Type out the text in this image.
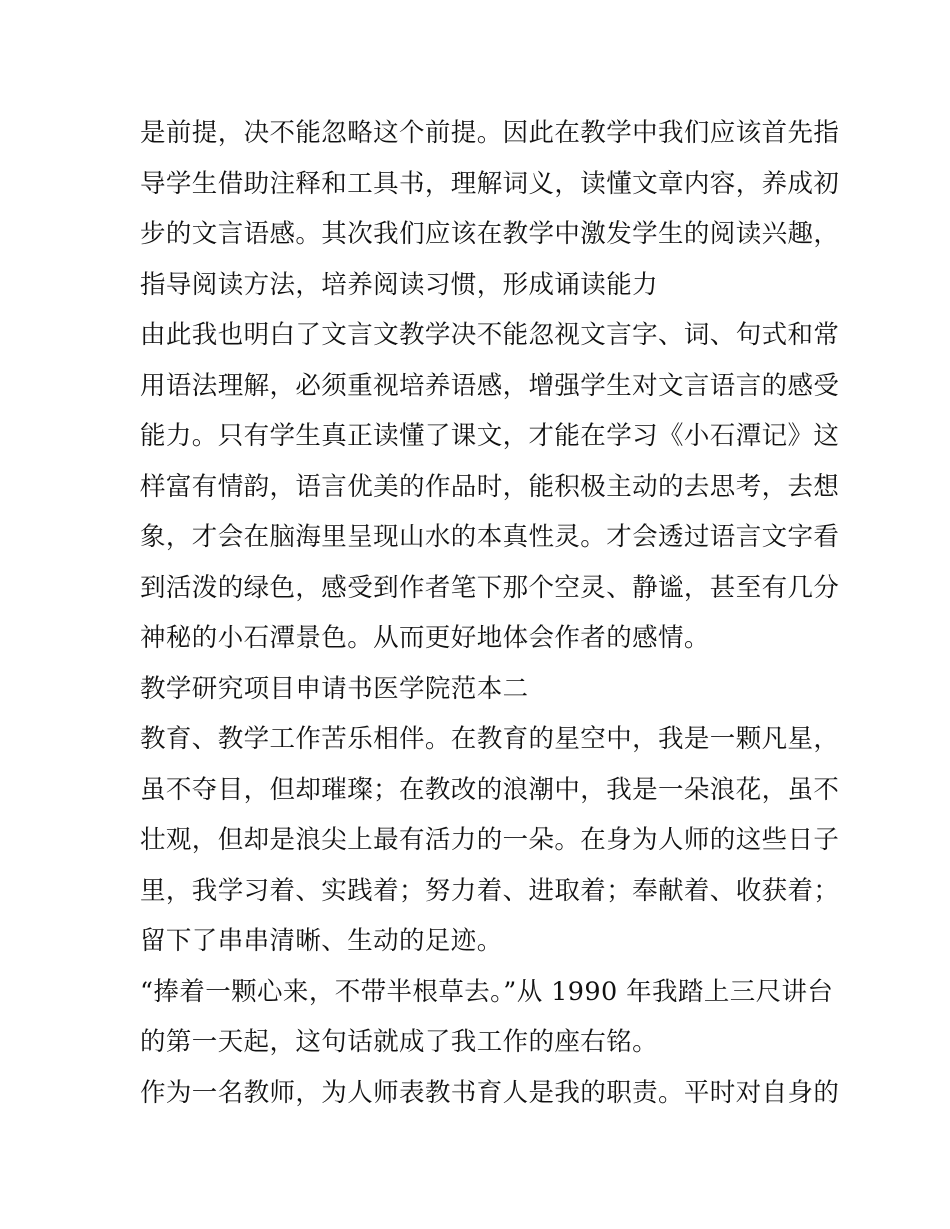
是前提，决不能忽略这个前提。因此在教学中我们应该首先指
导学生借助注释和工具书，理解词义，读懂文章内容，养成初
步的文言语感。其次我们应该在教学中激发学生的阅读兴趣，
指导阅读方法，培养阅读习惯，形成诵读能力
由此我也明白了文言文教学决不能忽视文言字、词、句式和常
用语法理解，必须重视培养语感，增强学生对文言语言的感受
能力。只有学生真正读懂了课文，才能在学习《小石潭记》这
样富有情韵，语言优美的作品时，能积极主动的去思考，去想
象，才会在脑海里呈现山水的本真性灵。才会透过语言文字看
到活泼的绿色，感受到作者笔下那个空灵、静谧，甚至有几分
神秘的小石潭景色。从而更好地体会作者的感情。
教学研究项目申请书医学院范本二
教育、教学工作苦乐相伴。在教育的星空中，我是一颗凡星，
虽不夺目，但却璀璨；在教改的浪潮中，我是一朵浪花，虽不
壮观，但却是浪尖上最有活力的一朵。在身为人师的这些日子
里，我学习着、实践着；努力着、进取着；奉献着、收获着；
留下了串串清晰、生动的足迹。
“捧着一颗心来，不带半根草去。”从 1990 年我踏上三尺讲台
的第一天起，这句话就成了我工作的座右铭。
作为一名教师，为人师表教书育人是我的职责。平时对自身的
